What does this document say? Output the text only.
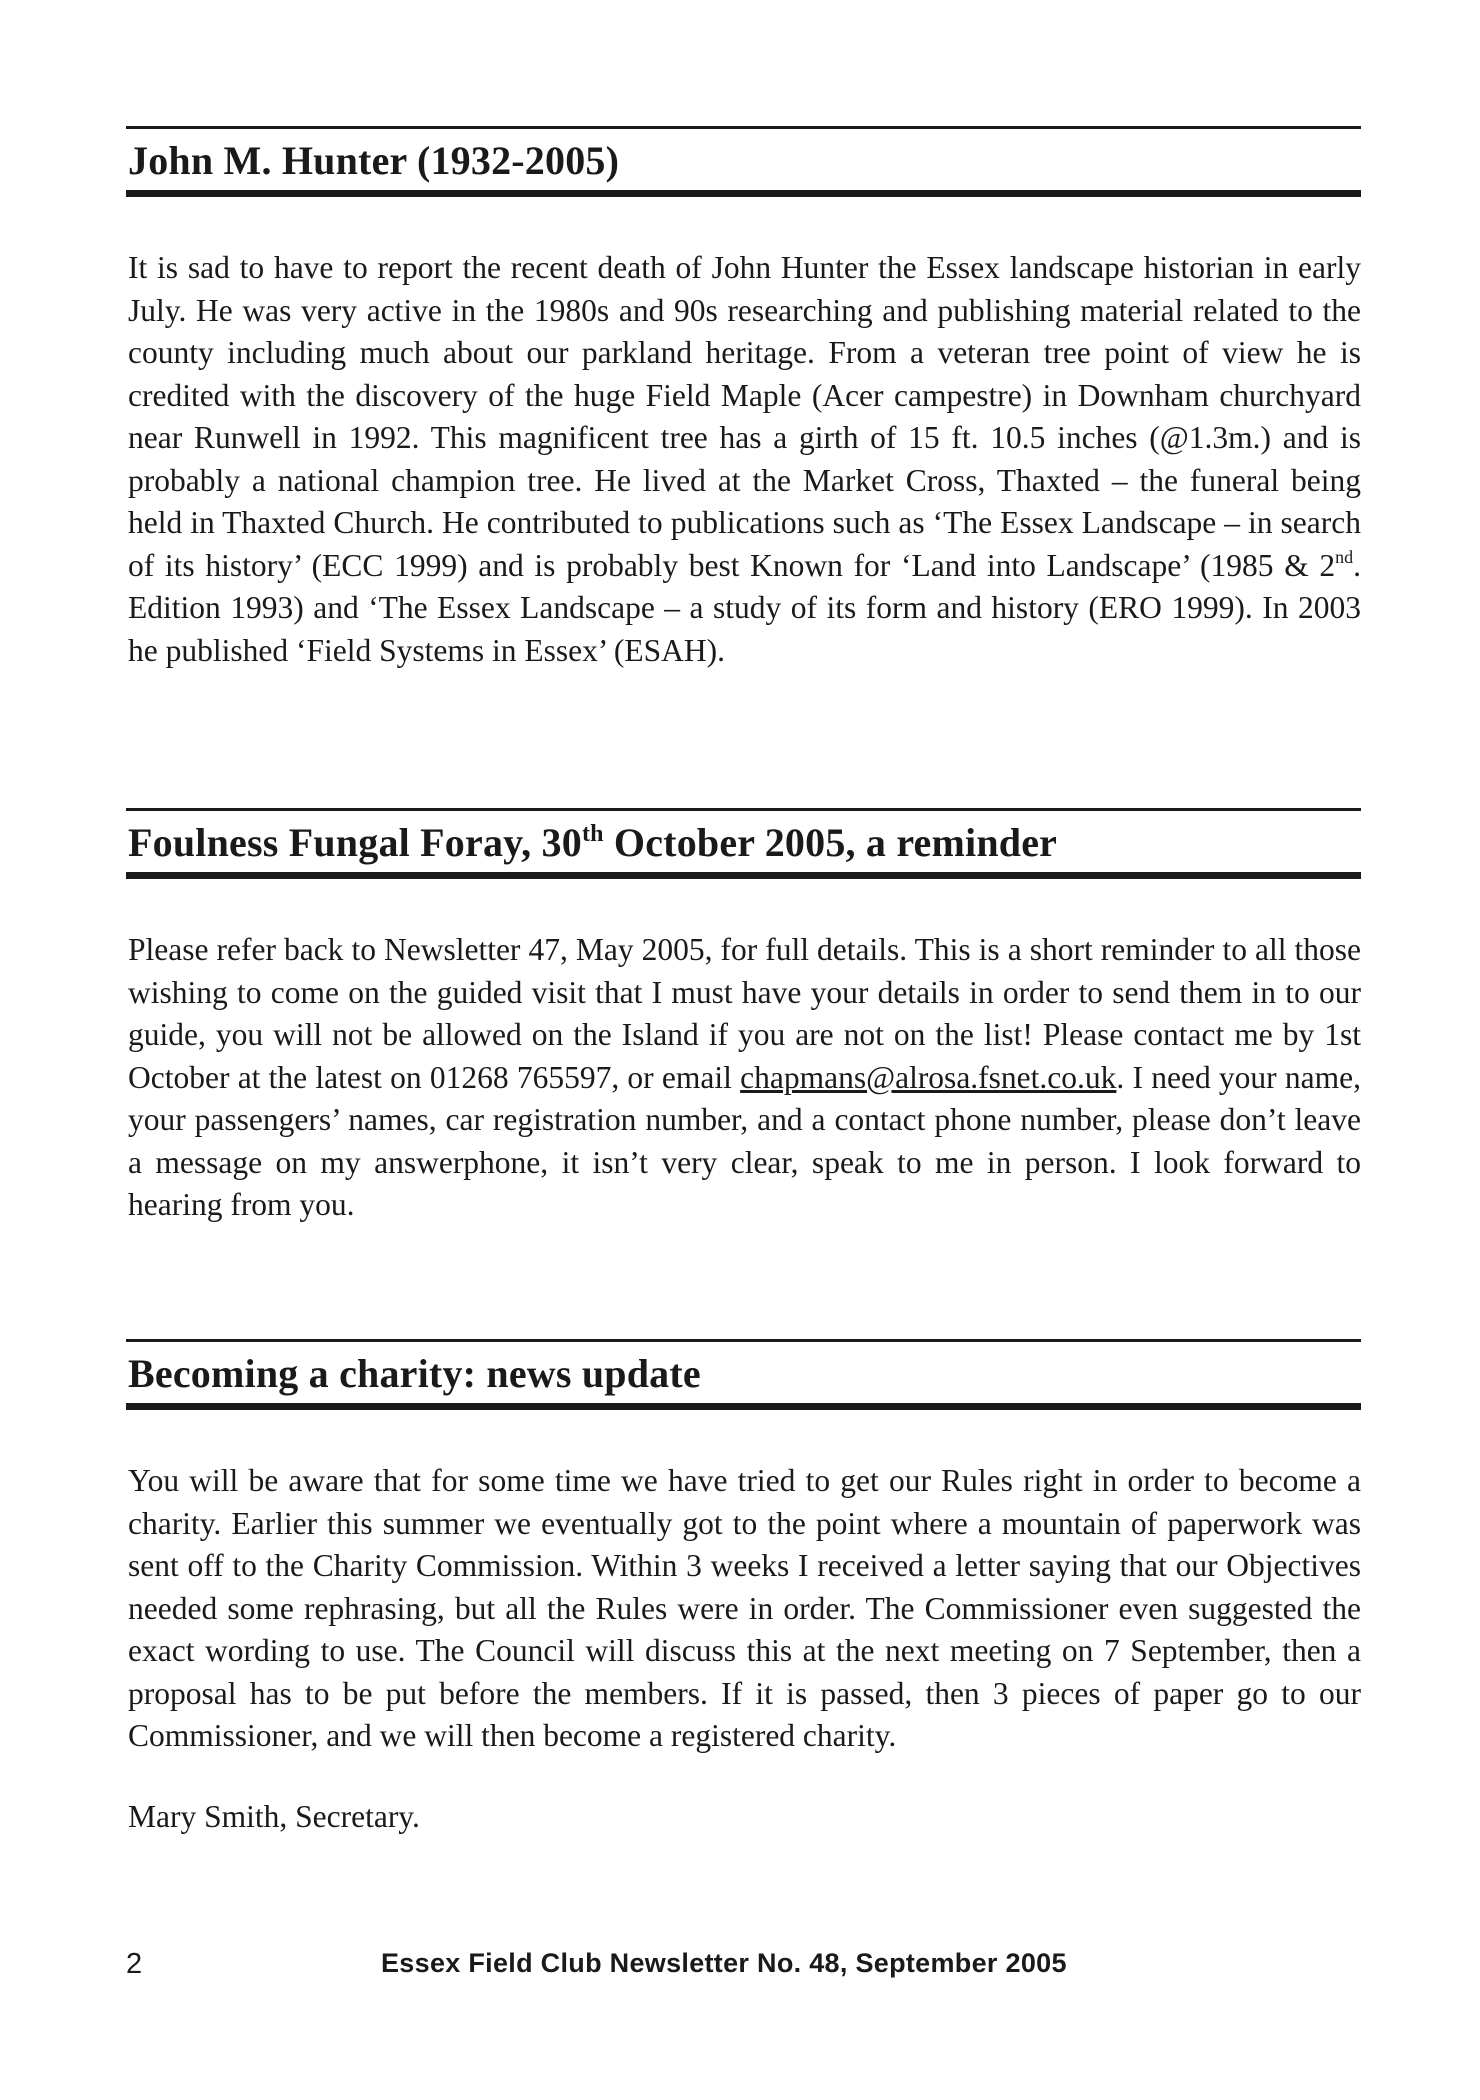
John M. Hunter (1932-2005)
It is sad to have to report the recent death of John Hunter the Essex landscape historian in early July. He was very active in the 1980s and 90s researching and publishing material related to the county including much about our parkland heritage. From a veteran tree point of view he is credited with the discovery of the huge Field Maple (Acer campestre) in Downham churchyard near Runwell in 1992. This magnificent tree has a girth of 15 ft. 10.5 inches (@1.3m.) and is probably a national champion tree. He lived at the Market Cross, Thaxted – the funeral being held in Thaxted Church. He contributed to publications such as ‘The Essex Landscape – in search of its history’ (ECC 1999) and is probably best Known for ‘Land into Landscape’ (1985 & 2nd. Edition 1993) and ‘The Essex Landscape – a study of its form and history (ERO 1999). In 2003 he published ‘Field Systems in Essex’ (ESAH).
Foulness Fungal Foray, 30th October 2005, a reminder
Please refer back to Newsletter 47, May 2005, for full details. This is a short reminder to all those wishing to come on the guided visit that I must have your details in order to send them in to our guide, you will not be allowed on the Island if you are not on the list! Please contact me by 1st October at the latest on 01268 765597, or email chapmans@alrosa.fsnet.co.uk. I need your name, your passengers’ names, car registration number, and a contact phone number, please don’t leave a message on my answerphone, it isn’t very clear, speak to me in person. I look forward to hearing from you.
Becoming a charity: news update
You will be aware that for some time we have tried to get our Rules right in order to become a charity. Earlier this summer we eventually got to the point where a mountain of paperwork was sent off to the Charity Commission. Within 3 weeks I received a letter saying that our Objectives needed some rephrasing, but all the Rules were in order. The Commissioner even suggested the exact wording to use. The Council will discuss this at the next meeting on 7 September, then a proposal has to be put before the members. If it is passed, then 3 pieces of paper go to our Commissioner, and we will then become a registered charity.
Mary Smith, Secretary.
2	Essex Field Club Newsletter No. 48, September 2005
